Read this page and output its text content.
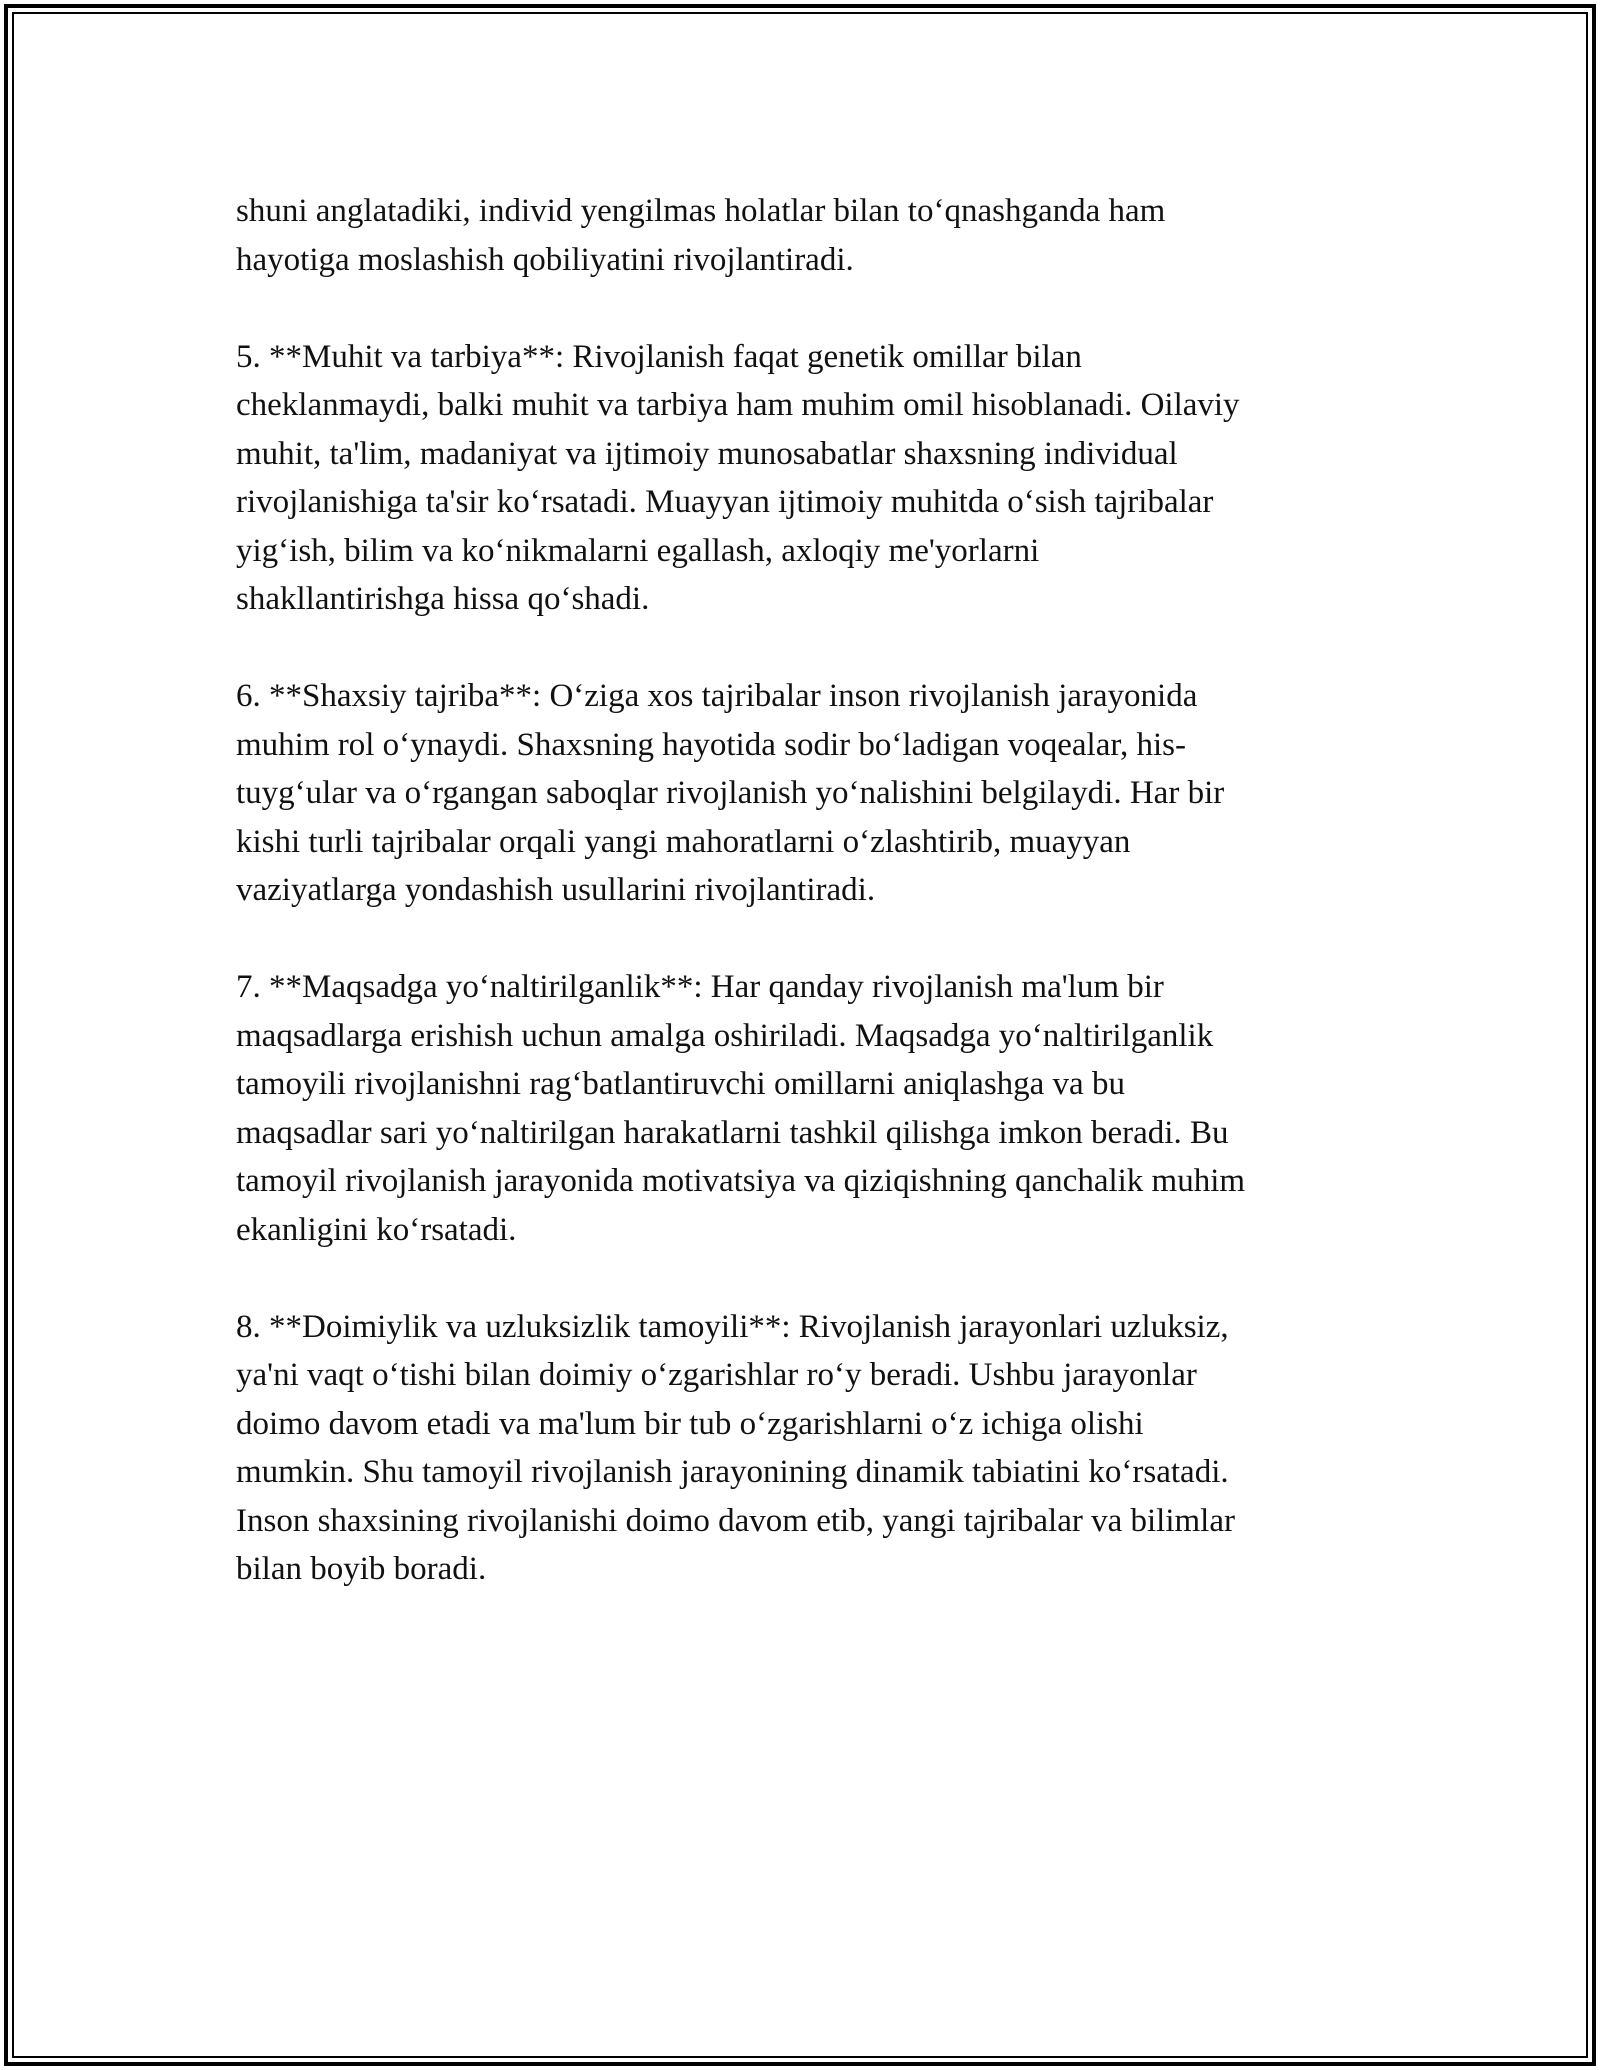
shuni anglatadiki, individ yengilmas holatlar bilan to‘qnashganda ham
hayotiga moslashish qobiliyatini rivojlantiradi.

5. **Muhit va tarbiya**: Rivojlanish faqat genetik omillar bilan
cheklanmaydi, balki muhit va tarbiya ham muhim omil hisoblanadi. Oilaviy
muhit, ta'lim, madaniyat va ijtimoiy munosabatlar shaxsning individual
rivojlanishiga ta'sir ko‘rsatadi. Muayyan ijtimoiy muhitda o‘sish tajribalar
yig‘ish, bilim va ko‘nikmalarni egallash, axloqiy me'yorlarni
shakllantirishga hissa qo‘shadi.

6. **Shaxsiy tajriba**: O‘ziga xos tajribalar inson rivojlanish jarayonida
muhim rol o‘ynaydi. Shaxsning hayotida sodir bo‘ladigan voqealar, his-
tuyg‘ular va o‘rgangan saboqlar rivojlanish yo‘nalishini belgilaydi. Har bir
kishi turli tajribalar orqali yangi mahoratlarni o‘zlashtirib, muayyan
vaziyatlarga yondashish usullarini rivojlantiradi.

7. **Maqsadga yo‘naltirilganlik**: Har qanday rivojlanish ma'lum bir
maqsadlarga erishish uchun amalga oshiriladi. Maqsadga yo‘naltirilganlik
tamoyili rivojlanishni rag‘batlantiruvchi omillarni aniqlashga va bu
maqsadlar sari yo‘naltirilgan harakatlarni tashkil qilishga imkon beradi. Bu
tamoyil rivojlanish jarayonida motivatsiya va qiziqishning qanchalik muhim
ekanligini ko‘rsatadi.

8. **Doimiylik va uzluksizlik tamoyili**: Rivojlanish jarayonlari uzluksiz,
ya'ni vaqt o‘tishi bilan doimiy o‘zgarishlar ro‘y beradi. Ushbu jarayonlar
doimo davom etadi va ma'lum bir tub o‘zgarishlarni o‘z ichiga olishi
mumkin. Shu tamoyil rivojlanish jarayonining dinamik tabiatini ko‘rsatadi.
Inson shaxsining rivojlanishi doimo davom etib, yangi tajribalar va bilimlar
bilan boyib boradi.
